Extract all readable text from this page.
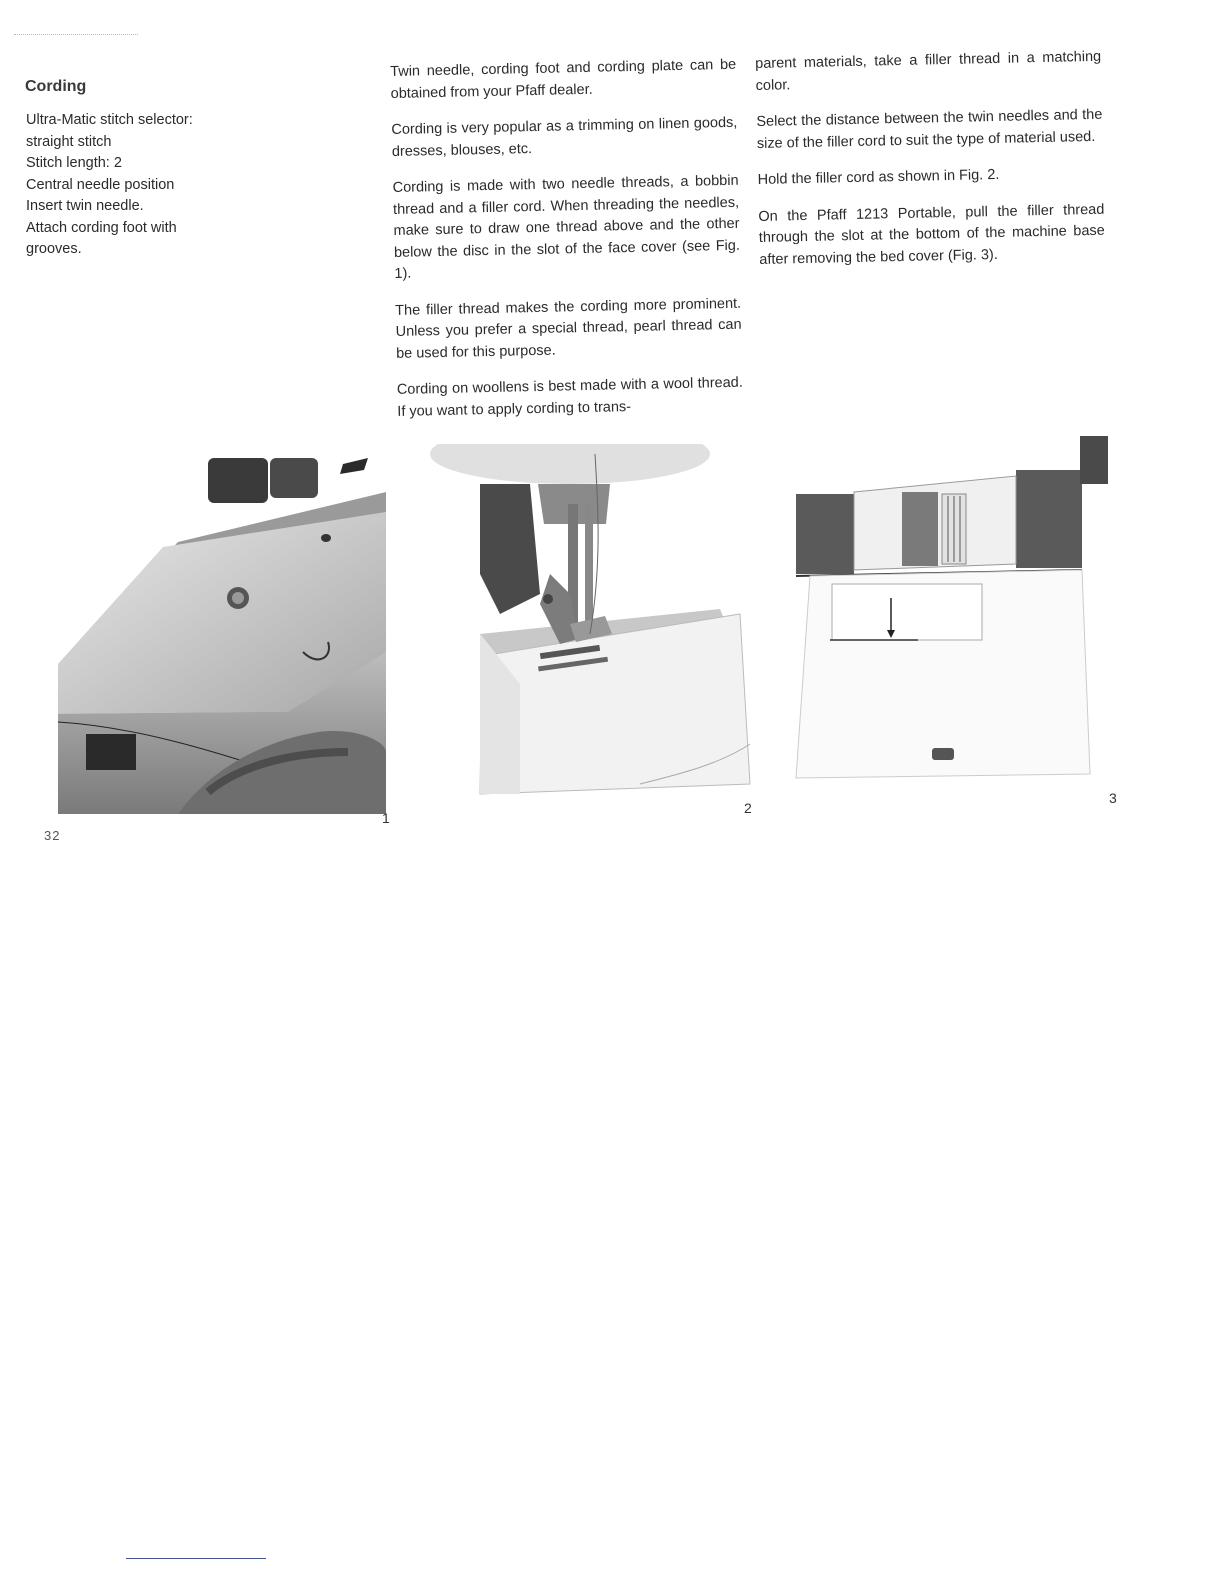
Cording
Ultra-Matic stitch selector:
straight stitch
Stitch length: 2
Central needle position
Insert twin needle.
Attach cording foot with
grooves.

Twin needle, cording foot and cording plate can be obtained from your Pfaff dealer.

Cording is very popular as a trimming on linen goods, dresses, blouses, etc.

Cording is made with two needle threads, a bobbin thread and a filler cord. When threading the needles, make sure to draw one thread above and the other below the disc in the slot of the face cover (see Fig. 1).

The filler thread makes the cording more prominent. Unless you prefer a special thread, pearl thread can be used for this purpose.

Cording on woollens is best made with a wool thread. If you want to apply cording to trans-

parent materials, take a filler thread in a matching color.

Select the distance between the twin needles and the size of the filler cord to suit the type of material used.

Hold the filler cord as shown in Fig. 2.

On the Pfaff 1213 Portable, pull the filler thread through the slot at the bottom of the machine base after removing the bed cover (Fig. 3).

1
2
3
32
